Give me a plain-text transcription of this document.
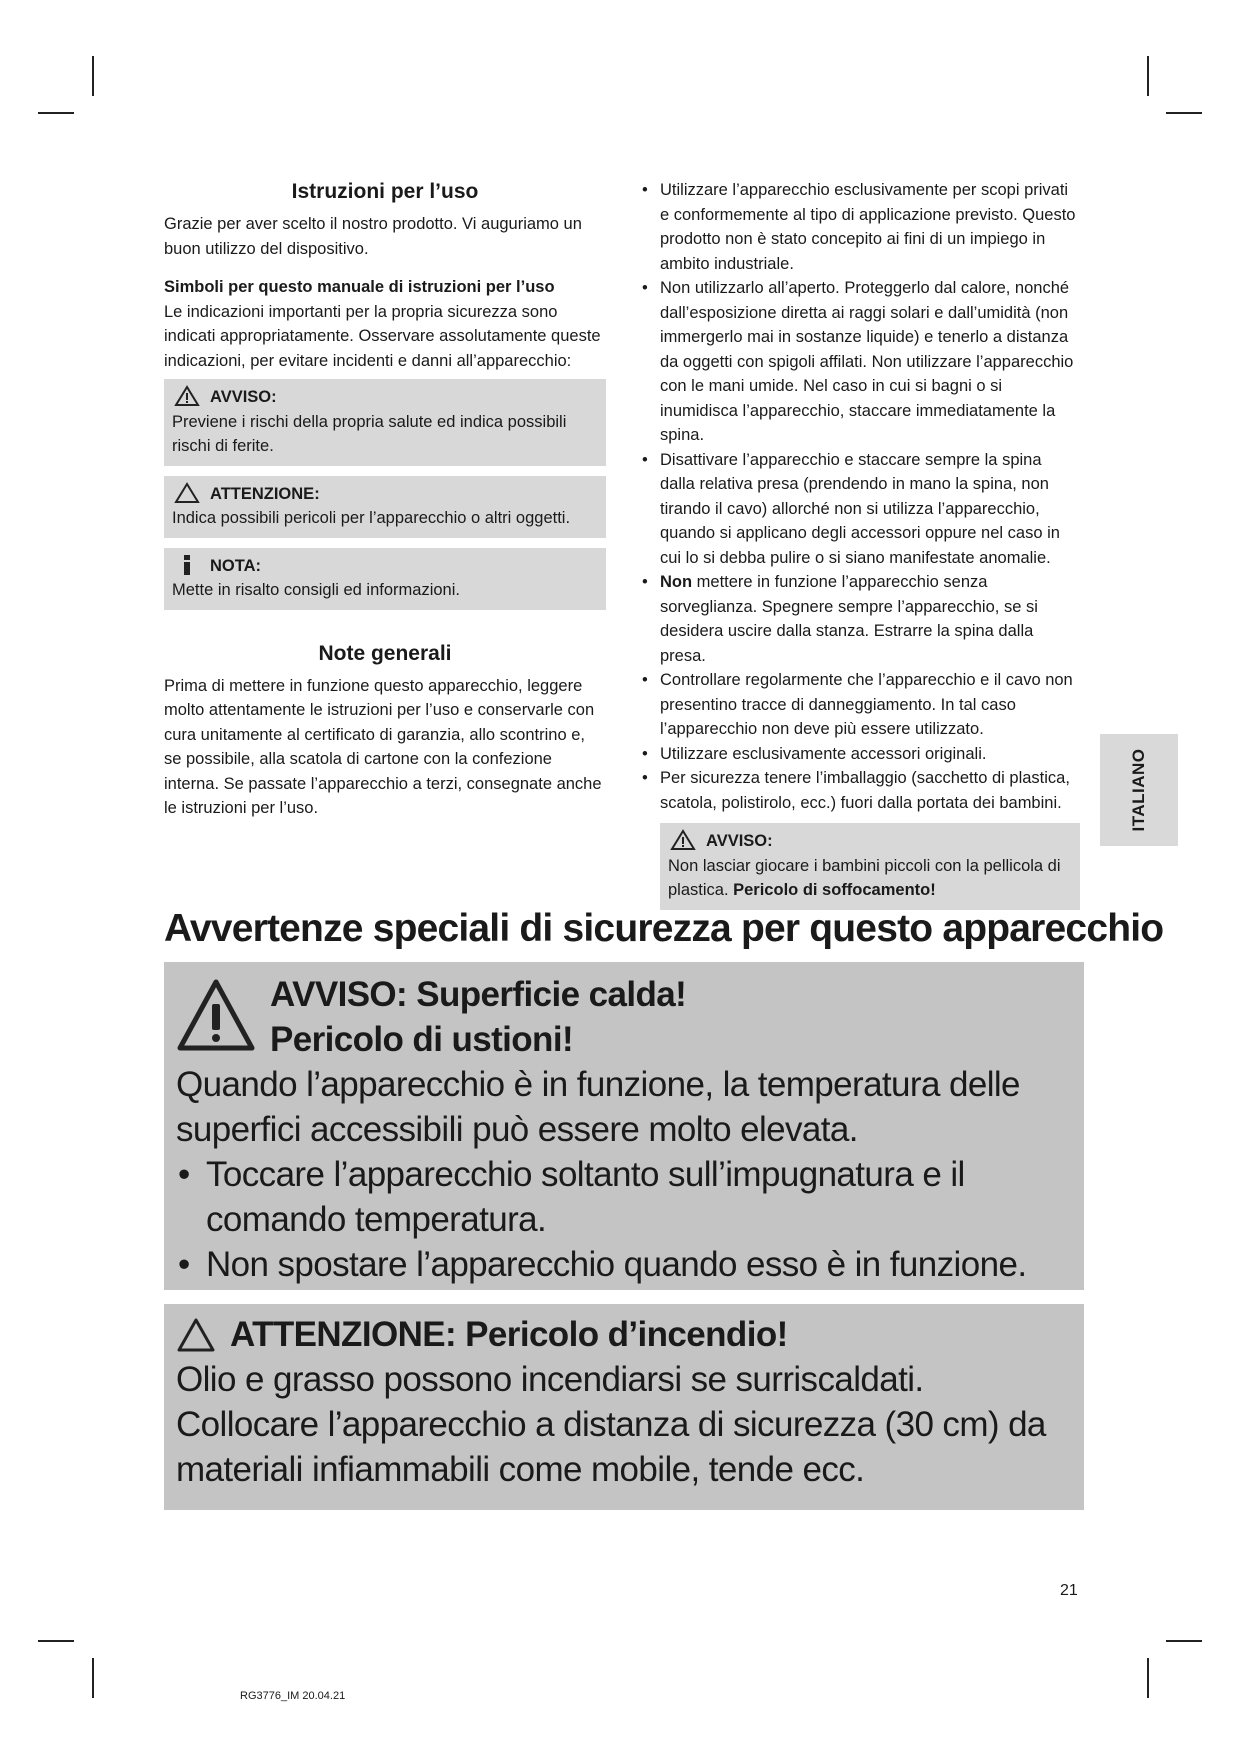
ITALIANO
Istruzioni per l’uso

Grazie per aver scelto il nostro prodotto. Vi auguriamo un buon utilizzo del dispositivo.

Simboli per questo manuale di istruzioni per l’uso

Le indicazioni importanti per la propria sicurezza sono indicati appropriatamente. Osservare assolutamente queste indicazioni, per evitare incidenti e danni all’apparecchio:

AVVISO:

Previene i rischi della propria salute ed indica possibili rischi di ferite.

ATTENZIONE:

Indica possibili pericoli per l’apparecchio o altri oggetti.

NOTA:

Mette in risalto consigli ed informazioni.

Note generali

Prima di mettere in funzione questo apparecchio, leggere molto attentamente le istruzioni per l’uso e conservarle con cura unitamente al certificato di garanzia, allo scontrino e, se possibile, alla scatola di cartone con la confezione interna. Se passate l’apparecchio a terzi, consegnate anche le istruzioni per l’uso.

• Utilizzare l’apparecchio esclusivamente per scopi privati e conformemente al tipo di applicazione previsto. Questo prodotto non è stato concepito ai fini di un impiego in ambito industriale.
• Non utilizzarlo all’aperto. Proteggerlo dal calore, nonché dall’esposizione diretta ai raggi solari e dall’umidità (non immergerlo mai in sostanze liquide) e tenerlo a distanza da oggetti con spigoli affilati. Non utilizzare l’apparecchio con le mani umide. Nel caso in cui si bagni o si inumidisca l’apparecchio, staccare immediatamente la spina.
• Disattivare l’apparecchio e staccare sempre la spina dalla relativa presa (prendendo in mano la spina, non tirando il cavo) allorché non si utilizza l’apparecchio, quando si applicano degli accessori oppure nel caso in cui lo si debba pulire o si siano manifestate anomalie.
• Non mettere in funzione l’apparecchio senza sorveglianza. Spegnere sempre l’apparecchio, se si desidera uscire dalla stanza. Estrarre la spina dalla presa.
• Controllare regolarmente che l’apparecchio e il cavo non presentino tracce di danneggiamento. In tal caso l’apparecchio non deve più essere utilizzato.
• Utilizzare esclusivamente accessori originali.
• Per sicurezza tenere l’imballaggio (sacchetto di plastica, scatola, polistirolo, ecc.) fuori dalla portata dei bambini.
AVVISO:

Non lasciar giocare i bambini piccoli con la pellicola di plastica. Pericolo di soffocamento!

Avvertenze speciali di sicurezza per questo apparecchio
AVVISO: Superficie calda!
Pericolo di ustioni!

Quando l’apparecchio è in funzione, la temperatura delle superfici accessibili può essere molto elevata.

• Toccare l’apparecchio soltanto sull’impugnatura e il comando temperatura.
• Non spostare l’apparecchio quando esso è in funzione.
ATTENZIONE: Pericolo d’incendio!

Olio e grasso possono incendiarsi se surriscaldati. Collocare l’apparecchio a distanza di sicurezza (30 cm) da materiali infiammabili come mobile, tende ecc.

21
RG3776_IM 20.04.21
